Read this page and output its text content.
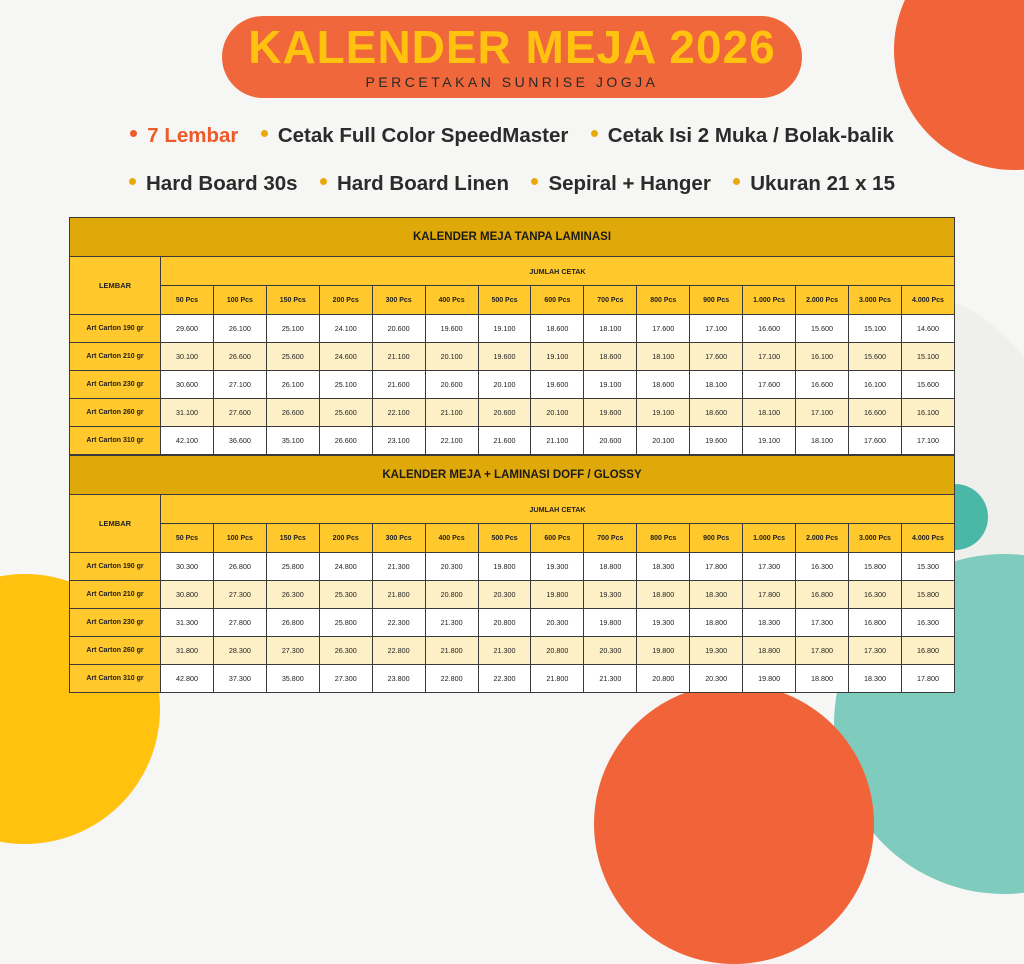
KALENDER MEJA 2026
PERCETAKAN SUNRISE JOGJA
7 Lembar Cetak Full Color SpeedMaster Cetak Isi 2 Muka / Bolak-balik
Hard Board 30s Hard Board Linen Sepiral + Hanger Ukuran 21 x 15
KALENDER MEJA TANPA LAMINASI															
LEMBAR	JUMLAH CETAK														
	50 Pcs	100 Pcs	150 Pcs	200 Pcs	300 Pcs	400 Pcs	500 Pcs	600 Pcs	700 Pcs	800 Pcs	900 Pcs	1.000 Pcs	2.000 Pcs	3.000 Pcs	4.000 Pcs
Art Carton 190 gr	29.600	26.100	25.100	24.100	20.600	19.600	19.100	18.600	18.100	17.600	17.100	16.600	15.600	15.100	14.600
Art Carton 210 gr	30.100	26.600	25.600	24.600	21.100	20.100	19.600	19.100	18.600	18.100	17.600	17.100	16.100	15.600	15.100
Art Carton 230 gr	30.600	27.100	26.100	25.100	21.600	20.600	20.100	19.600	19.100	18.600	18.100	17.600	16.600	16.100	15.600
Art Carton 260 gr	31.100	27.600	26.600	25.600	22.100	21.100	20.600	20.100	19.600	19.100	18.600	18.100	17.100	16.600	16.100
Art Carton 310 gr	42.100	36.600	35.100	26.600	23.100	22.100	21.600	21.100	20.600	20.100	19.600	19.100	18.100	17.600	17.100
KALENDER MEJA + LAMINASI DOFF / GLOSSY															
LEMBAR	JUMLAH CETAK														
	50 Pcs	100 Pcs	150 Pcs	200 Pcs	300 Pcs	400 Pcs	500 Pcs	600 Pcs	700 Pcs	800 Pcs	900 Pcs	1.000 Pcs	2.000 Pcs	3.000 Pcs	4.000 Pcs
Art Carton 190 gr	30.300	26.800	25.800	24.800	21.300	20.300	19.800	19.300	18.800	18.300	17.800	17.300	16.300	15.800	15.300
Art Carton 210 gr	30.800	27.300	26.300	25.300	21.800	20.800	20.300	19.800	19.300	18.800	18.300	17.800	16.800	16.300	15.800
Art Carton 230 gr	31.300	27.800	26.800	25.800	22.300	21.300	20.800	20.300	19.800	19.300	18.800	18.300	17.300	16.800	16.300
Art Carton 260 gr	31.800	28.300	27.300	26.300	22.800	21.800	21.300	20.800	20.300	19.800	19.300	18.800	17.800	17.300	16.800
Art Carton 310 gr	42.800	37.300	35.800	27.300	23.800	22.800	22.300	21.800	21.300	20.800	20.300	19.800	18.800	18.300	17.800
